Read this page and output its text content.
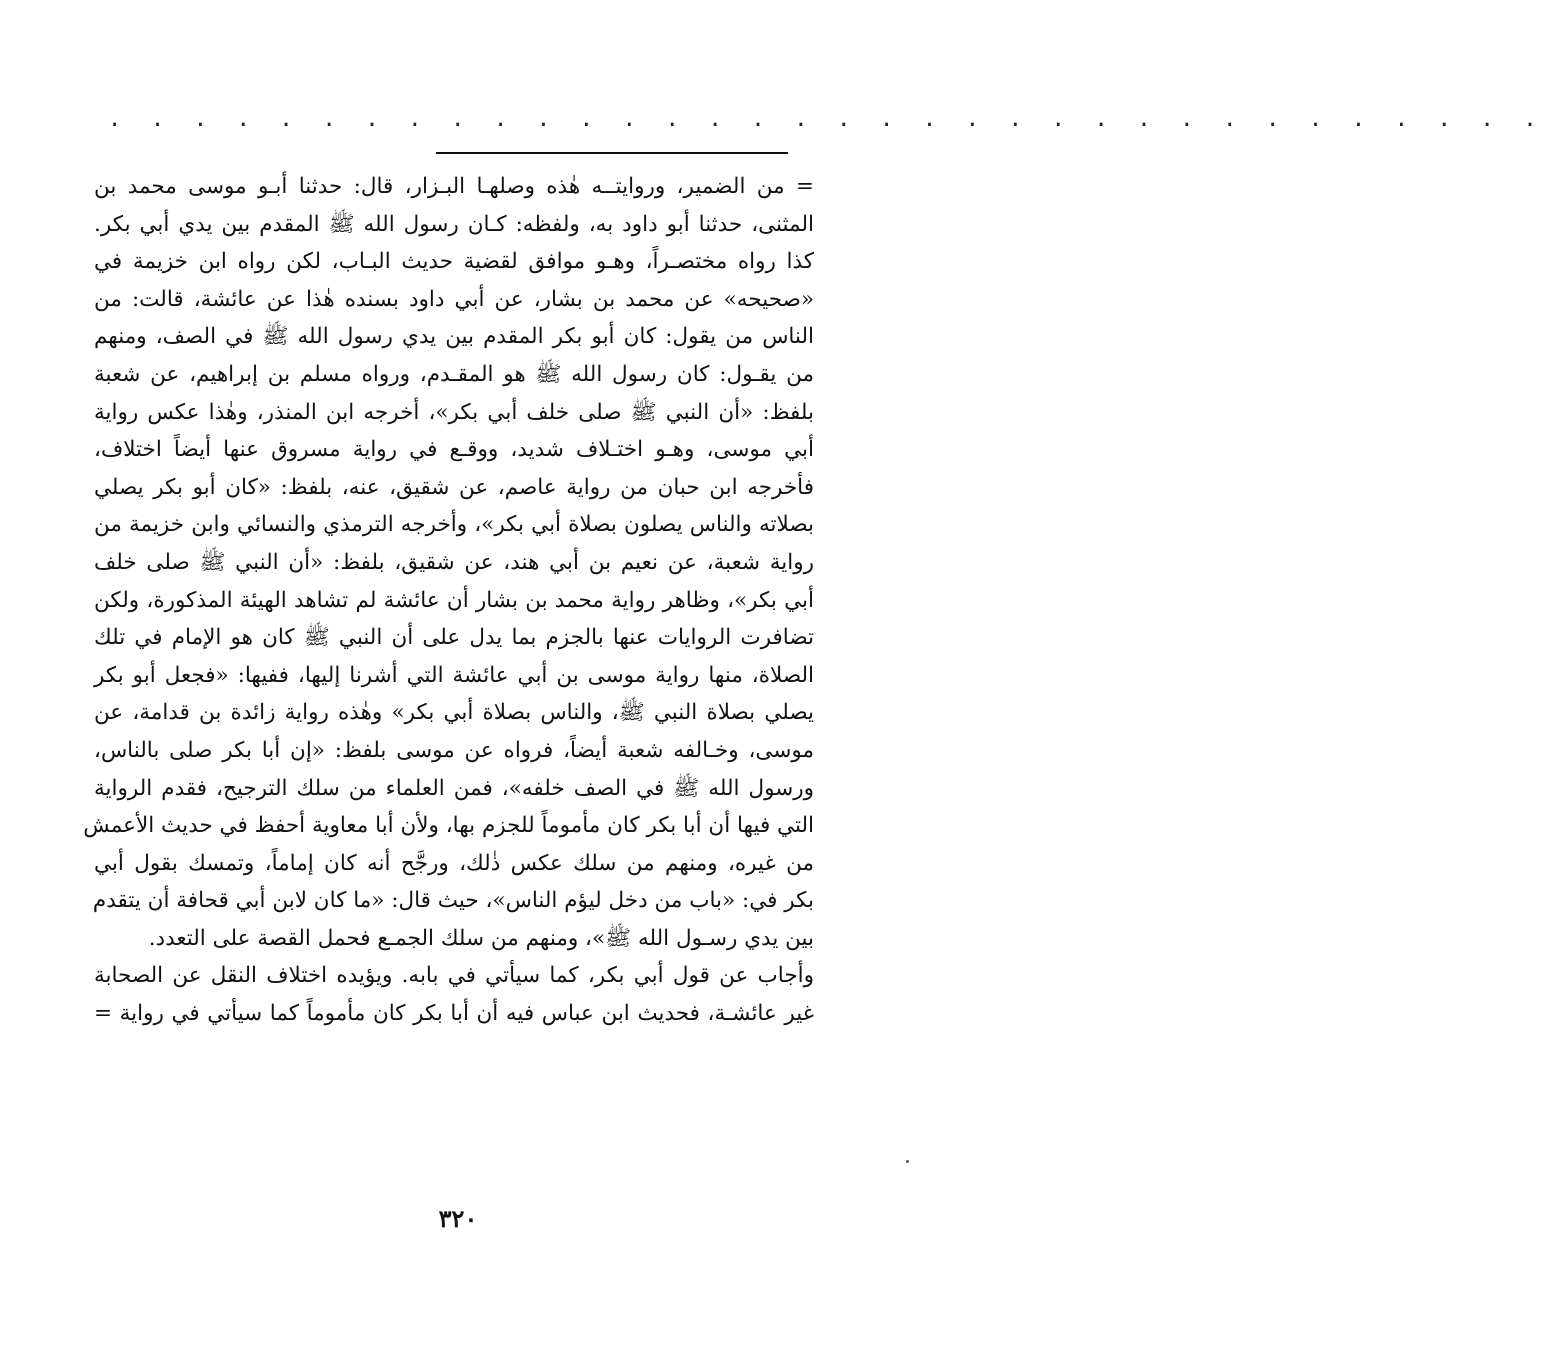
. . . . . . . . . . . . . . . . . . . . . . . . . . . . . . . . . .
= من الضمير، وروايتــه هٰذه وصلهـا البـزار، قال: حدثنا أبـو موسى محمد بن
المثنى، حدثنا أبو داود به، ولفظه: كـان رسول الله ﷺ المقدم بين يدي أبي بكر.
كذا رواه مختصـراً، وهـو موافق لقضية حديث البـاب، لكن رواه ابن خزيمة في
«صحيحه» عن محمد بن بشار، عن أبي داود بسنده هٰذا عن عائشة، قالت: من
الناس من يقول: كان أبو بكر المقدم بين يدي رسول الله ﷺ في الصف، ومنهم
من يقـول: كان رسول الله ﷺ هو المقـدم، ورواه مسلم بن إبراهيم، عن شعبة
بلفظ: «أن النبي ﷺ صلى خلف أبي بكر»، أخرجه ابن المنذر، وهٰذا عكس رواية
أبي موسى، وهـو اختـلاف شديد، ووقـع في رواية مسروق عنها أيضاً اختلاف،
فأخرجه ابن حبان من رواية عاصم، عن شقيق، عنه، بلفظ: «كان أبو بكر يصلي
بصلاته والناس يصلون بصلاة أبي بكر»، وأخرجه الترمذي والنسائي وابن خزيمة من
رواية شعبة، عن نعيم بن أبي هند، عن شقيق، بلفظ: «أن النبي ﷺ صلى خلف
أبي بكر»، وظاهر رواية محمد بن بشار أن عائشة لم تشاهد الهيئة المذكورة، ولكن
تضافرت الروايات عنها بالجزم بما يدل على أن النبي ﷺ كان هو الإمام في تلك
الصلاة، منها رواية موسى بن أبي عائشة التي أشرنا إليها، ففيها: «فجعل أبو بكر
يصلي بصلاة النبي ﷺ، والناس بصلاة أبي بكر» وهٰذه رواية زائدة بن قدامة، عن
موسى، وخـالفه شعبة أيضاً، فرواه عن موسى بلفظ: «إن أبا بكر صلى بالناس،
ورسول الله ﷺ في الصف خلفه»، فمن العلماء من سلك الترجيح، فقدم الرواية
التي فيها أن أبا بكر كان مأموماً للجزم بها، ولأن أبا معاوية أحفظ في حديث الأعمش
من غيره، ومنهم من سلك عكس ذٰلك، ورجَّح أنه كان إماماً، وتمسك بقول أبي
بكر في: «باب من دخل ليؤم الناس»، حيث قال: «ما كان لابن أبي قحافة أن يتقدم
بين يدي رسـول الله ﷺ»، ومنهم من سلك الجمـع فحمل القصة على التعدد.
وأجاب عن قول أبي بكر، كما سيأتي في بابه. ويؤيده اختلاف النقل عن الصحابة
غير عائشـة، فحديث ابن عباس فيه أن أبا بكر كان مأموماً كما سيأتي في رواية =
٣٢٠
